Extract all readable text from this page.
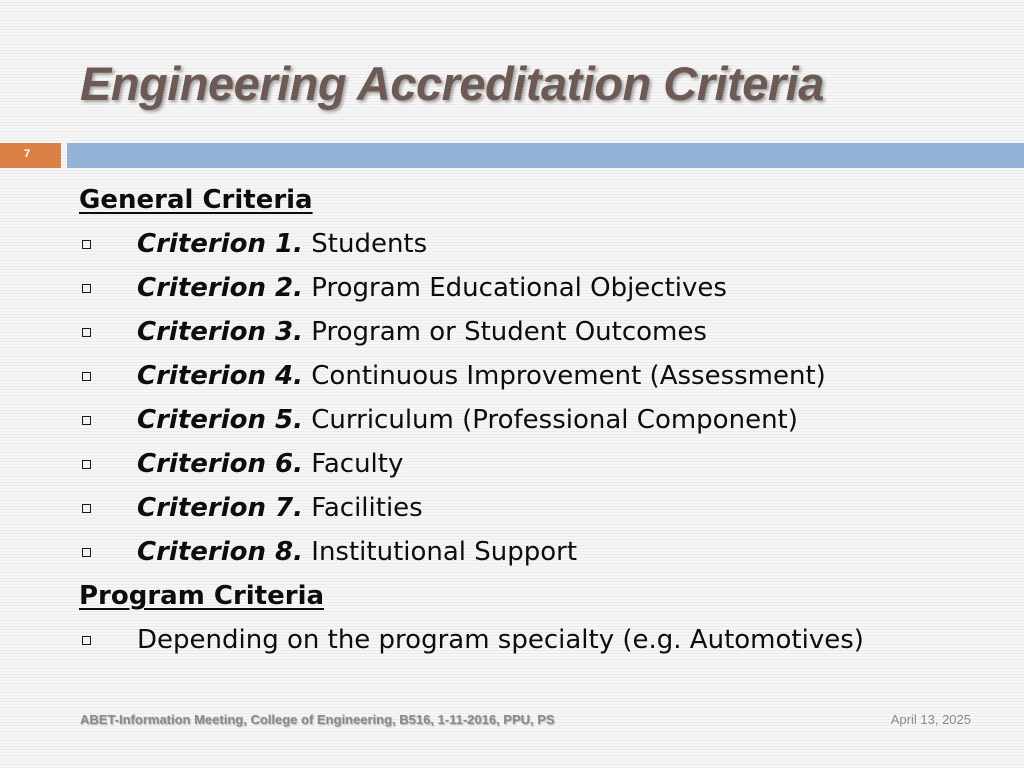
Engineering Accreditation Criteria
7
General Criteria
Criterion 1. Students
Criterion 2. Program Educational Objectives
Criterion 3. Program or Student Outcomes
Criterion 4. Continuous Improvement (Assessment)
Criterion 5. Curriculum (Professional Component)
Criterion 6. Faculty
Criterion 7. Facilities
Criterion 8. Institutional Support
Program Criteria
Depending on the program specialty (e.g. Automotives)
ABET-Information Meeting, College of Engineering, B516, 1-11-2016, PPU, PS	April 13, 2025
